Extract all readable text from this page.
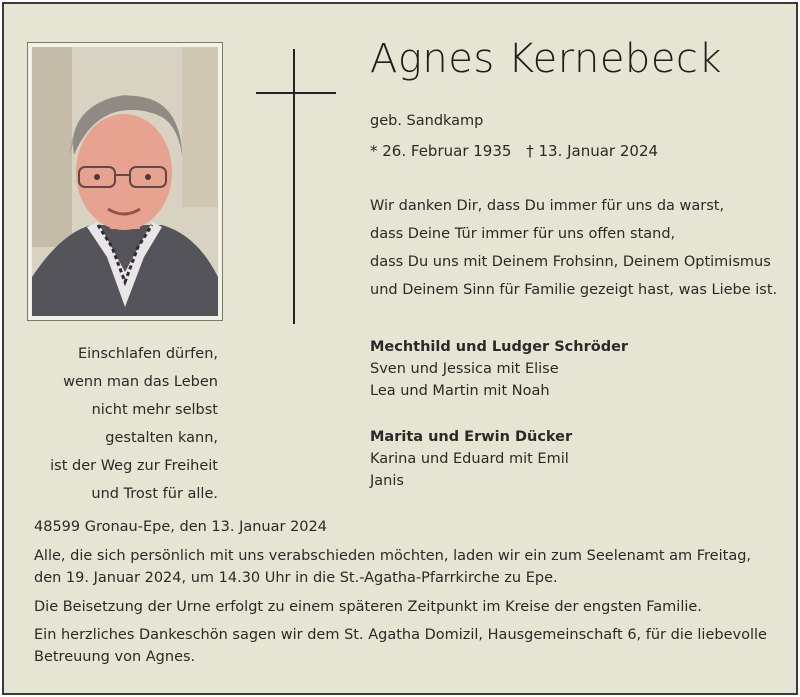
Agnes Kernebeck
geb. Sandkamp
* 26. Februar 1935 † 13. Januar 2024
Wir danken Dir, dass Du immer für uns da warst,
dass Deine Tür immer für uns offen stand,
dass Du uns mit Deinem Frohsinn, Deinem Optimismus
und Deinem Sinn für Familie gezeigt hast, was Liebe ist.
Einschlafen dürfen,
wenn man das Leben
nicht mehr selbst
gestalten kann,
ist der Weg zur Freiheit
und Trost für alle.
Mechthild und Ludger Schröder
Sven und Jessica mit Elise
Lea und Martin mit Noah
Marita und Erwin Dücker
Karina und Eduard mit Emil
Janis
48599 Gronau-Epe, den 13. Januar 2024
Alle, die sich persönlich mit uns verabschieden möchten, laden wir ein zum Seelenamt am Freitag,
den 19. Januar 2024, um 14.30 Uhr in die St.-Agatha-Pfarrkirche zu Epe.
Die Beisetzung der Urne erfolgt zu einem späteren Zeitpunkt im Kreise der engsten Familie.
Ein herzliches Dankeschön sagen wir dem St. Agatha Domizil, Hausgemeinschaft 6, für die liebevolle
Betreuung von Agnes.
